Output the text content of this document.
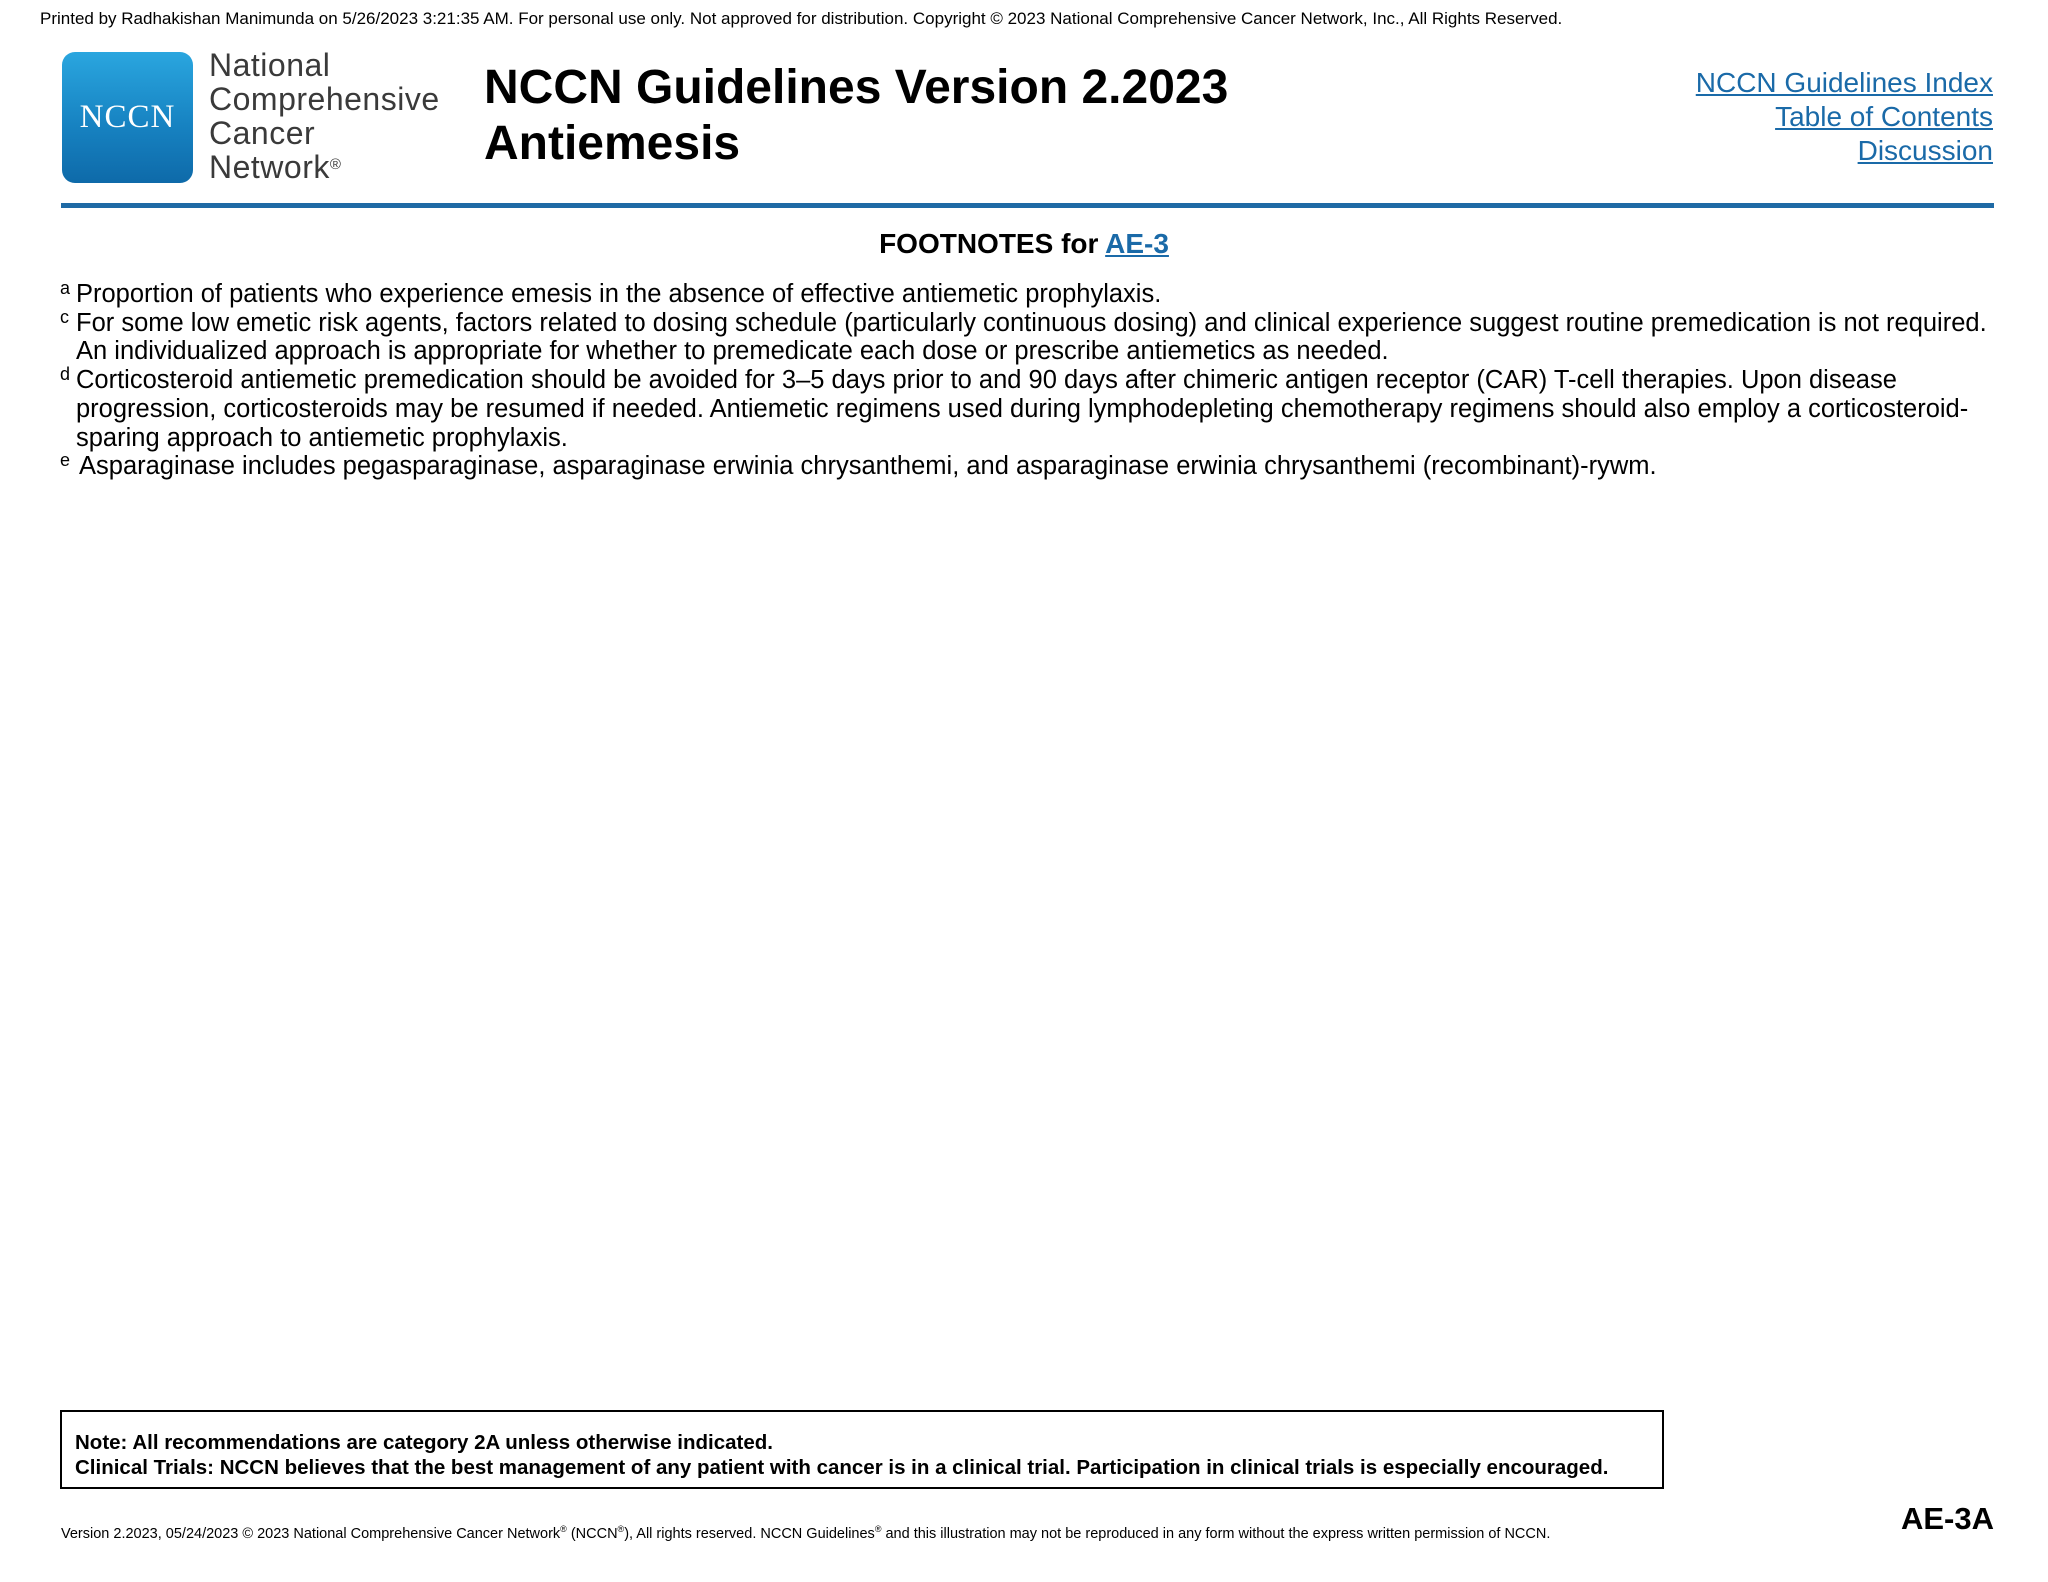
Printed by Radhakishan Manimunda on 5/26/2023 3:21:35 AM. For personal use only. Not approved for distribution. Copyright © 2023 National Comprehensive Cancer Network, Inc., All Rights Reserved.
NCCN
National
Comprehensive
Cancer
Network®
NCCN Guidelines Version 2.2023
Antiemesis
NCCN Guidelines Index
Table of Contents
Discussion
FOOTNOTES for AE-3
a Proportion of patients who experience emesis in the absence of effective antiemetic prophylaxis.
c For some low emetic risk agents, factors related to dosing schedule (particularly continuous dosing) and clinical experience suggest routine premedication is not required. An individualized approach is appropriate for whether to premedicate each dose or prescribe antiemetics as needed.
d Corticosteroid antiemetic premedication should be avoided for 3–5 days prior to and 90 days after chimeric antigen receptor (CAR) T-cell therapies. Upon disease progression, corticosteroids may be resumed if needed. Antiemetic regimens used during lymphodepleting chemotherapy regimens should also employ a corticosteroid-sparing approach to antiemetic prophylaxis.
e Asparaginase includes pegasparaginase, asparaginase erwinia chrysanthemi, and asparaginase erwinia chrysanthemi (recombinant)-rywm.
Note: All recommendations are category 2A unless otherwise indicated.
Clinical Trials: NCCN believes that the best management of any patient with cancer is in a clinical trial. Participation in clinical trials is especially encouraged.
Version 2.2023, 05/24/2023 © 2023 National Comprehensive Cancer Network® (NCCN®), All rights reserved. NCCN Guidelines® and this illustration may not be reproduced in any form without the express written permission of NCCN.	AE-3A
